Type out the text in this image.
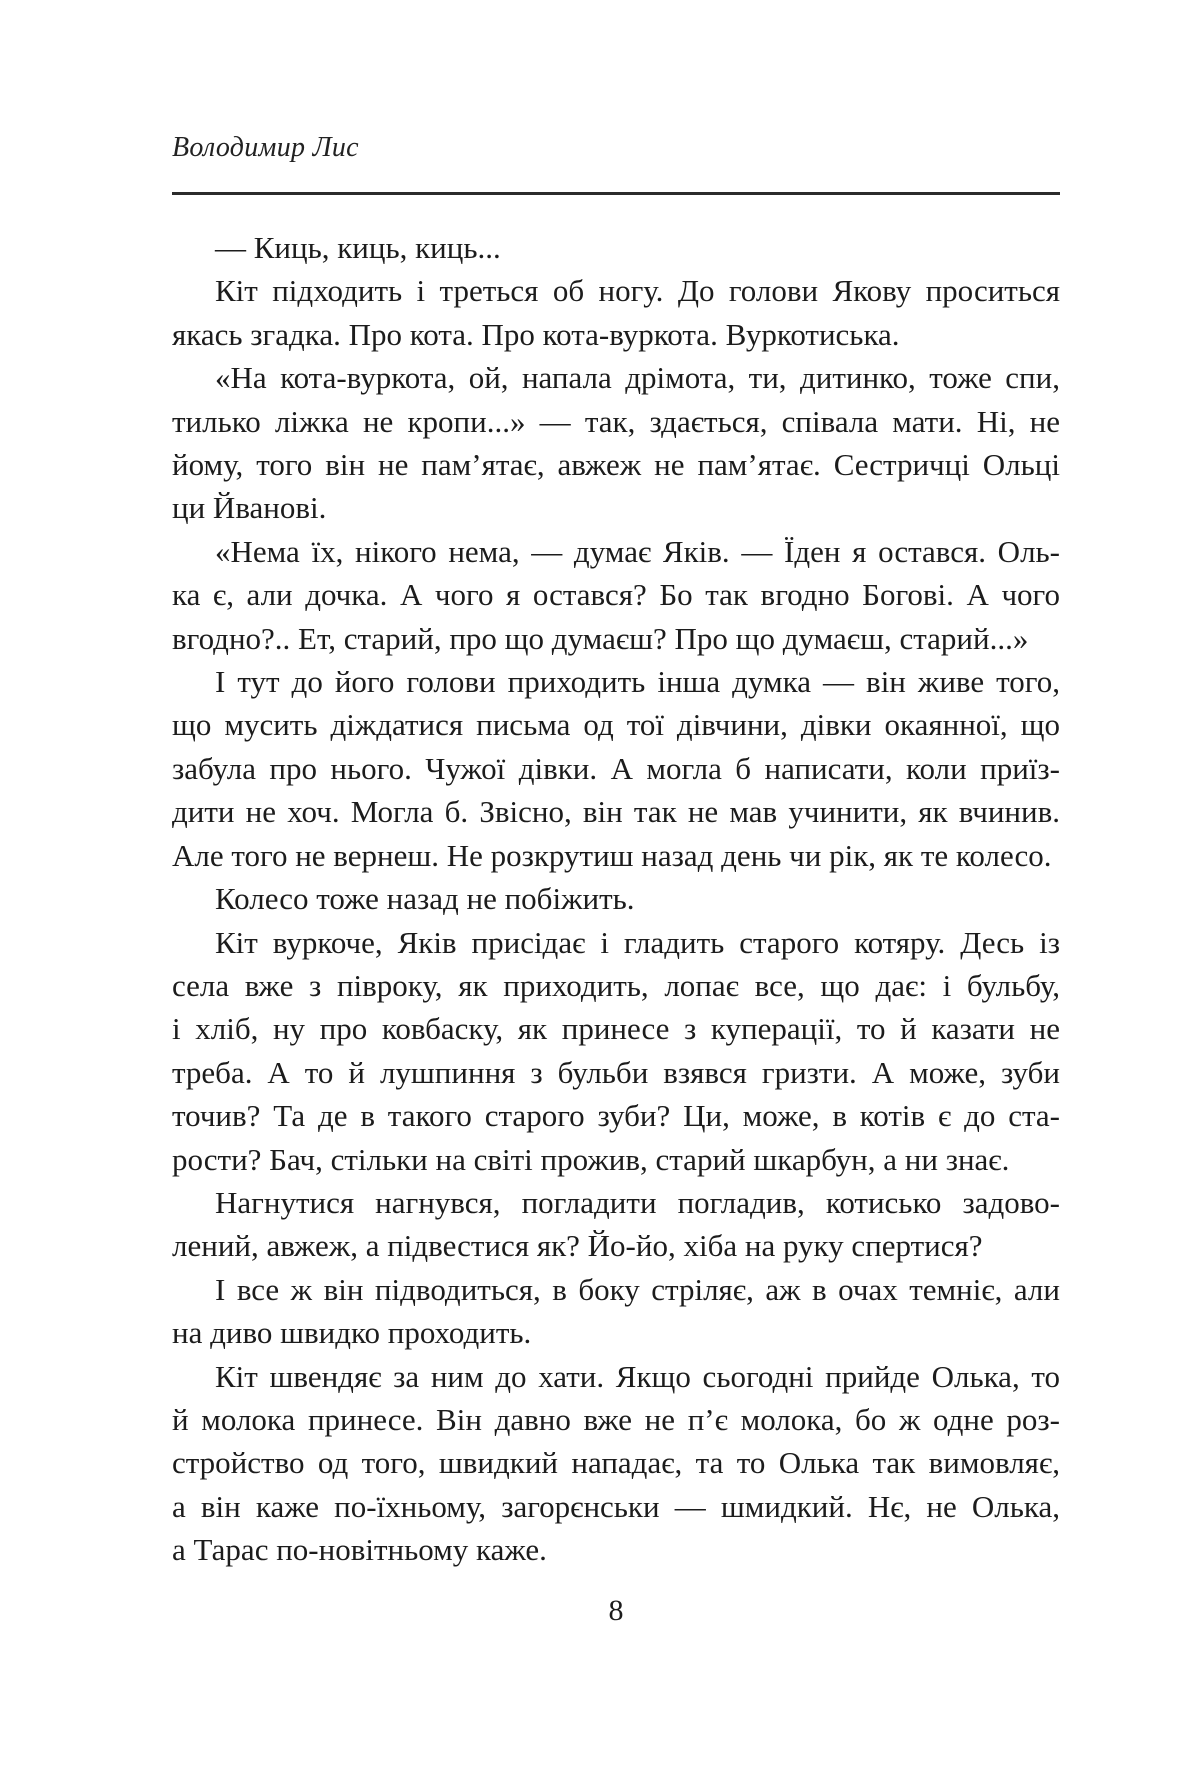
Володимир Лис
— Киць, киць, киць...
Кіт підходить і треться об ногу. До голови Якову проситься
якась згадка. Про кота. Про кота-вуркота. Вуркотиська.
«На кота-вуркота, ой, напала дрімота, ти, дитинко, тоже спи,
тилько ліжка не кропи...» — так, здається, співала мати. Ні, не
йому, того він не пам’ятає, авжеж не пам’ятає. Сестричці Ольці
ци Йванові.
«Нема їх, нікого нема, — думає Яків. — Їден я остався. Оль-
ка є, али дочка. А чого я остався? Бо так вгодно Богові. А чого
вгодно?.. Ет, старий, про що думаєш? Про що думаєш, старий...»
І тут до його голови приходить інша думка — він живе того,
що мусить діждатися письма од тої дівчини, дівки окаянної, що
забула про нього. Чужої дівки. А могла б написати, коли приїз-
дити не хоч. Могла б. Звісно, він так не мав учинити, як вчинив.
Але того не вернеш. Не розкрутиш назад день чи рік, як те колесо.
Колесо тоже назад не побіжить.
Кіт вуркоче, Яків присідає і гладить старого котяру. Десь із
села вже з півроку, як приходить, лопає все, що дає: і бульбу,
і хліб, ну про ковбаску, як принесе з куперації, то й казати не
треба. А то й лушпиння з бульби взявся гризти. А може, зуби
точив? Та де в такого старого зуби? Ци, може, в котів є до ста-
рости? Бач, стільки на світі прожив, старий шкарбун, а ни знає.
Нагнутися нагнувся, погладити погладив, котисько задово-
лений, авжеж, а підвестися як? Йо-йо, хіба на руку спертися?
І все ж він підводиться, в боку стріляє, аж в очах темніє, али
на диво швидко проходить.
Кіт швендяє за ним до хати. Якщо сьогодні прийде Олька, то
й молока принесе. Він давно вже не п’є молока, бо ж одне роз-
стройство од того, швидкий нападає, та то Олька так вимовляє,
а він каже по-їхньому, загорєнськи — шмидкий. Нє, не Олька,
а Тарас по-новітньому каже.
8
